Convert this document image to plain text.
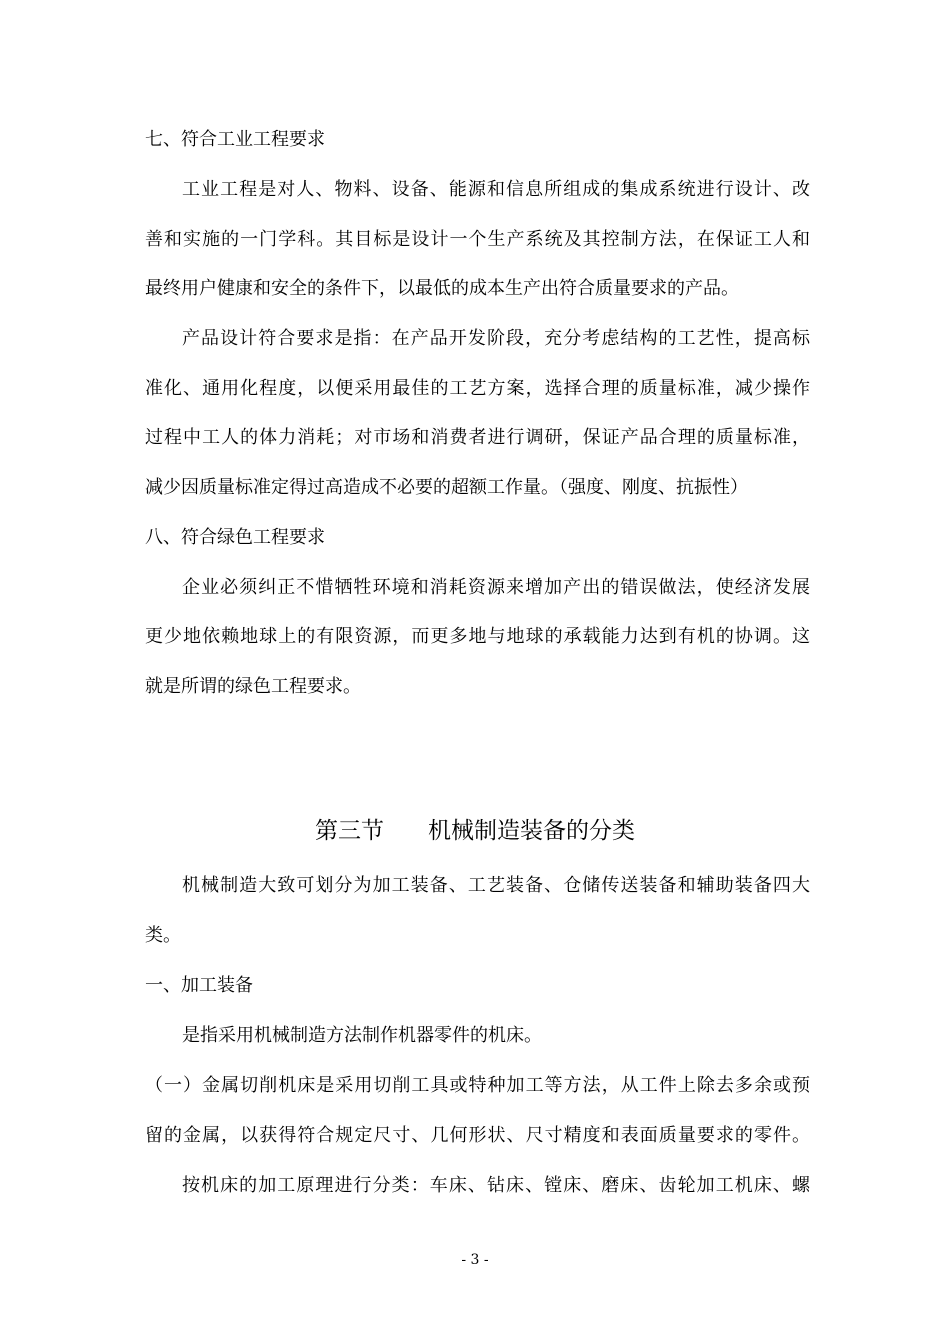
七、符合工业工程要求
工业工程是对人、物料、设备、能源和信息所组成的集成系统进行设计、改
善和实施的一门学科。其目标是设计一个生产系统及其控制方法，在保证工人和
最终用户健康和安全的条件下，以最低的成本生产出符合质量要求的产品。
产品设计符合要求是指：在产品开发阶段，充分考虑结构的工艺性，提高标
准化、通用化程度，以便采用最佳的工艺方案，选择合理的质量标准，减少操作
过程中工人的体力消耗；对市场和消费者进行调研，保证产品合理的质量标准，
减少因质量标准定得过高造成不必要的超额工作量。（强度、刚度、抗振性）
八、符合绿色工程要求
企业必须纠正不惜牺牲环境和消耗资源来增加产出的错误做法，使经济发展
更少地依赖地球上的有限资源，而更多地与地球的承载能力达到有机的协调。这
就是所谓的绿色工程要求。
第三节 机械制造装备的分类
机械制造大致可划分为加工装备、工艺装备、仓储传送装备和辅助装备四大
类。
一、加工装备
是指采用机械制造方法制作机器零件的机床。
（一）金属切削机床是采用切削工具或特种加工等方法，从工件上除去多余或预
留的金属，以获得符合规定尺寸、几何形状、尺寸精度和表面质量要求的零件。
按机床的加工原理进行分类：车床、钻床、镗床、磨床、齿轮加工机床、螺
- 3 -
